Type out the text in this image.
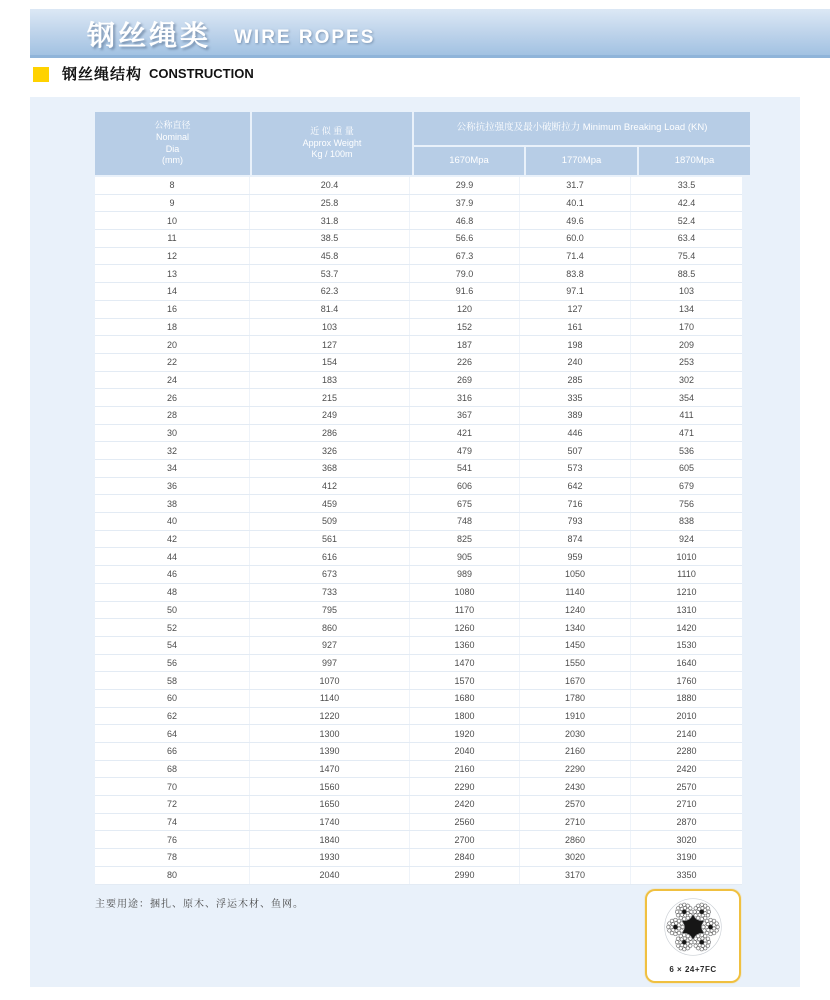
钢丝绳类 WIRE ROPES
钢丝绳结构 CONSTRUCTION
公称直径
Nominal
Dia
(mm)
近 似 重 量
Approx Weight
Kg / 100m
公称抗拉强度及最小破断拉力 Minimum Breaking Load (KN)
1670Mpa	1770Mpa	1870Mpa
8	20.4	29.9	31.7	33.5
9	25.8	37.9	40.1	42.4
10	31.8	46.8	49.6	52.4
11	38.5	56.6	60.0	63.4
12	45.8	67.3	71.4	75.4
13	53.7	79.0	83.8	88.5
14	62.3	91.6	97.1	103
16	81.4	120	127	134
18	103	152	161	170
20	127	187	198	209
22	154	226	240	253
24	183	269	285	302
26	215	316	335	354
28	249	367	389	411
30	286	421	446	471
32	326	479	507	536
34	368	541	573	605
36	412	606	642	679
38	459	675	716	756
40	509	748	793	838
42	561	825	874	924
44	616	905	959	1010
46	673	989	1050	1110
48	733	1080	1140	1210
50	795	1170	1240	1310
52	860	1260	1340	1420
54	927	1360	1450	1530
56	997	1470	1550	1640
58	1070	1570	1670	1760
60	1140	1680	1780	1880
62	1220	1800	1910	2010
64	1300	1920	2030	2140
66	1390	2040	2160	2280
68	1470	2160	2290	2420
70	1560	2290	2430	2570
72	1650	2420	2570	2710
74	1740	2560	2710	2870
76	1840	2700	2860	3020
78	1930	2840	3020	3190
80	2040	2990	3170	3350
主要用途：捆扎、原木、浮运木材、鱼网。
6 × 24+7FC
